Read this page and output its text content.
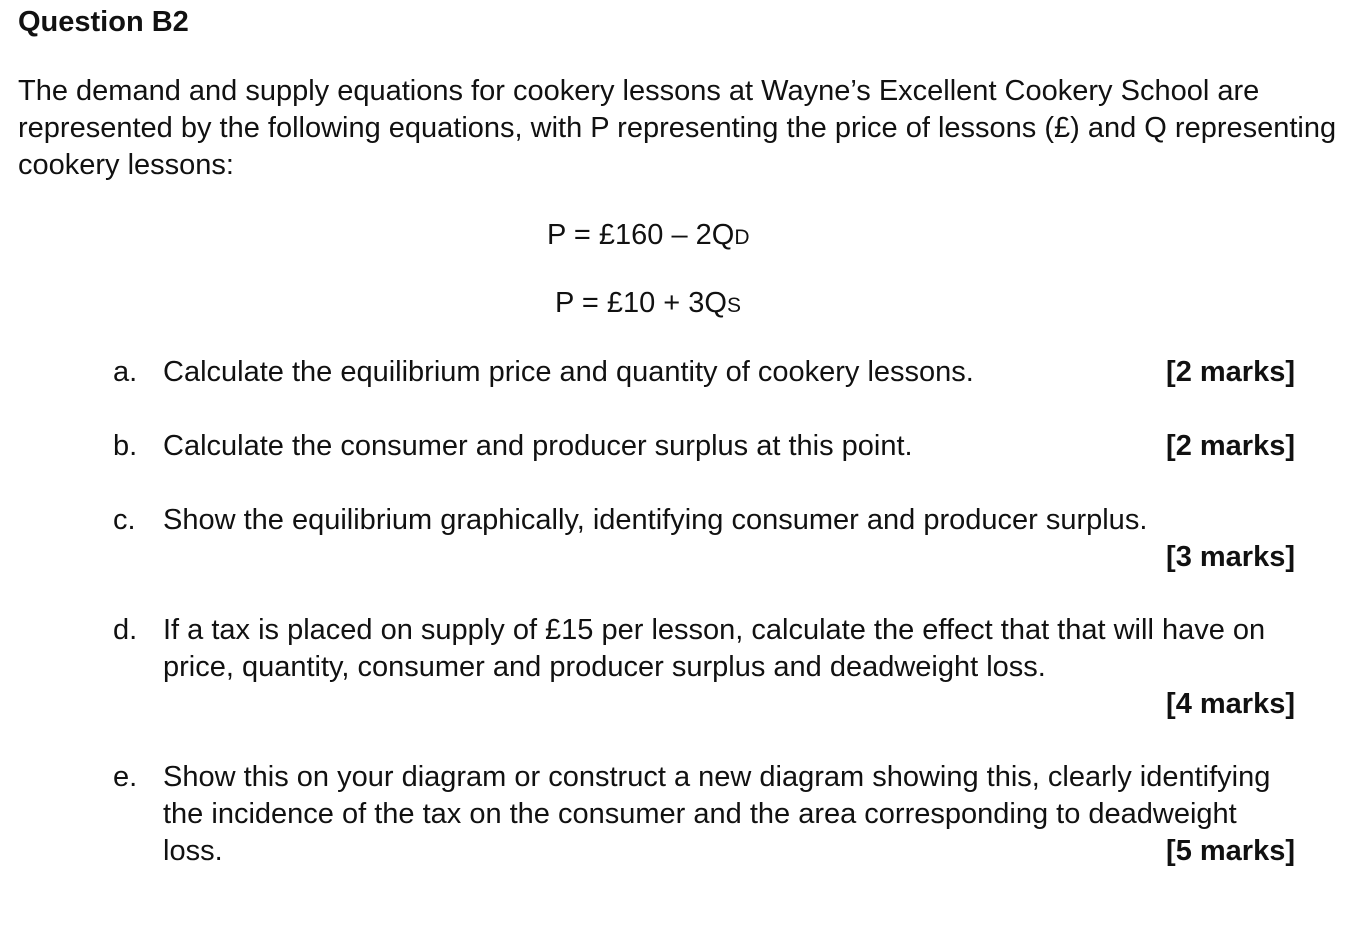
Question B2

The demand and supply equations for cookery lessons at Wayne’s Excellent Cookery School are represented by the following equations, with P representing the price of lessons (£) and Q representing cookery lessons:

P = £160 – 2QD
P = £10 + 3QS
a. Calculate the equilibrium price and quantity of cookery lessons.	[2 marks]
b. Calculate the consumer and producer surplus at this point.	[2 marks]
c. Show the equilibrium graphically, identifying consumer and producer surplus.
[3 marks]
d. If a tax is placed on supply of £15 per lesson, calculate the effect that that will have on price, quantity, consumer and producer surplus and deadweight loss.
[4 marks]
e. Show this on your diagram or construct a new diagram showing this, clearly identifying the incidence of the tax on the consumer and the area corresponding to deadweight loss.	[5 marks]
